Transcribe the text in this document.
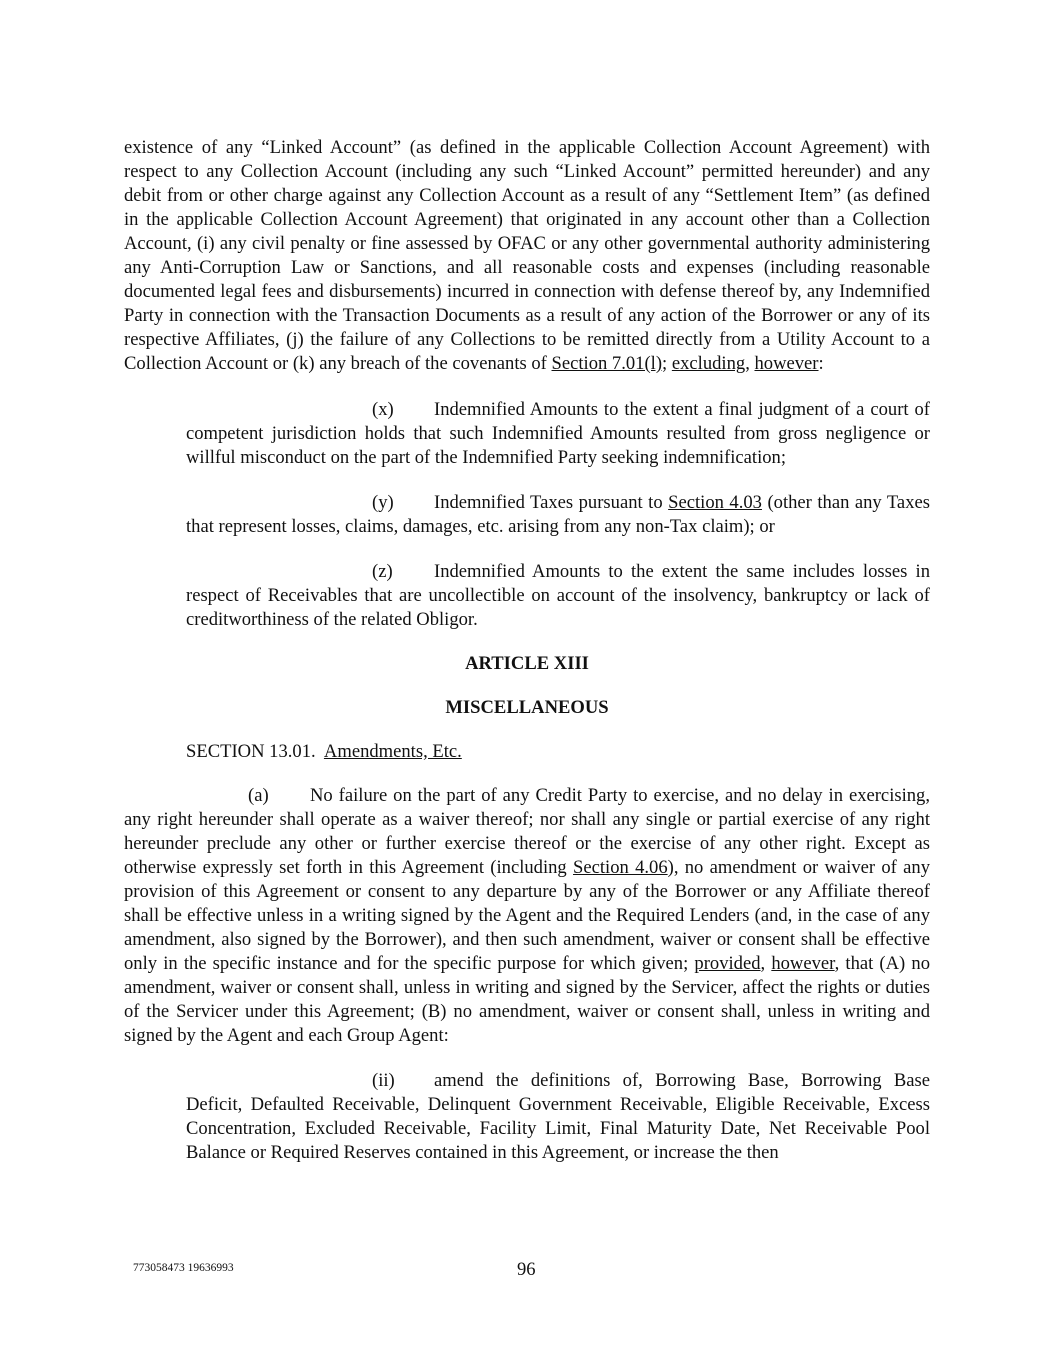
existence of any “Linked Account” (as defined in the applicable Collection Account Agreement) with respect to any Collection Account (including any such “Linked Account” permitted hereunder) and any debit from or other charge against any Collection Account as a result of any “Settlement Item” (as defined in the applicable Collection Account Agreement) that originated in any account other than a Collection Account, (i) any civil penalty or fine assessed by OFAC or any other governmental authority administering any Anti-Corruption Law or Sanctions, and all reasonable costs and expenses (including reasonable documented legal fees and disbursements) incurred in connection with defense thereof by, any Indemnified Party in connection with the Transaction Documents as a result of any action of the Borrower or any of its respective Affiliates, (j) the failure of any Collections to be remitted directly from a Utility Account to a Collection Account or (k) any breach of the covenants of Section 7.01(l); excluding, however:

(x) Indemnified Amounts to the extent a final judgment of a court of competent jurisdiction holds that such Indemnified Amounts resulted from gross negligence or willful misconduct on the part of the Indemnified Party seeking indemnification;

(y) Indemnified Taxes pursuant to Section 4.03 (other than any Taxes that represent losses, claims, damages, etc. arising from any non-Tax claim); or

(z) Indemnified Amounts to the extent the same includes losses in respect of Receivables that are uncollectible on account of the insolvency, bankruptcy or lack of creditworthiness of the related Obligor.

ARTICLE XIII

MISCELLANEOUS

SECTION 13.01.  Amendments, Etc.

(a) No failure on the part of any Credit Party to exercise, and no delay in exercising, any right hereunder shall operate as a waiver thereof; nor shall any single or partial exercise of any right hereunder preclude any other or further exercise thereof or the exercise of any other right. Except as otherwise expressly set forth in this Agreement (including Section 4.06), no amendment or waiver of any provision of this Agreement or consent to any departure by any of the Borrower or any Affiliate thereof shall be effective unless in a writing signed by the Agent and the Required Lenders (and, in the case of any amendment, also signed by the Borrower), and then such amendment, waiver or consent shall be effective only in the specific instance and for the specific purpose for which given; provided, however, that (A) no amendment, waiver or consent shall, unless in writing and signed by the Servicer, affect the rights or duties of the Servicer under this Agreement; (B) no amendment, waiver or consent shall, unless in writing and signed by the Agent and each Group Agent:

(ii) amend the definitions of, Borrowing Base, Borrowing Base Deficit, Defaulted Receivable, Delinquent Government Receivable, Eligible Receivable, Excess Concentration, Excluded Receivable, Facility Limit, Final Maturity Date, Net Receivable Pool Balance or Required Reserves contained in this Agreement, or increase the then

773058473 19636993	96
